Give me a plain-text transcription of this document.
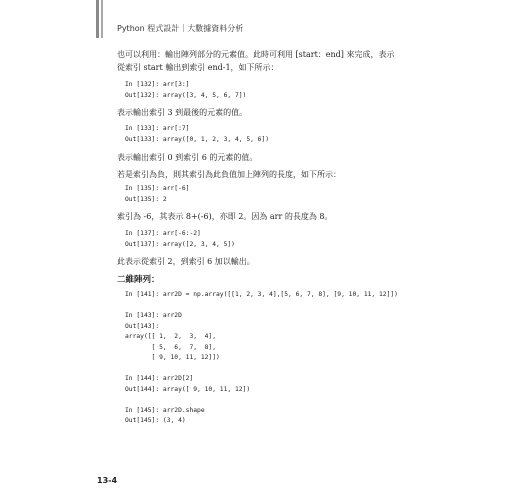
Python 程式設計｜大數據資料分析

也可以利用：輸出陣列部分的元素值。此時可利用 [start：end] 來完成，表示

從索引 start 輸出到索引 end-1，如下所示：

In [132]: arr[3:]
Out[132]: array([3, 4, 5, 6, 7])

表示輸出索引 3 到最後的元素的值。

In [133]: arr[:7]
Out[133]: array([0, 1, 2, 3, 4, 5, 6])

表示輸出索引 0 到索引 6 的元素的值。

若是索引為負，則其索引為此負值加上陣列的長度，如下所示：

In [135]: arr[-6]
Out[135]: 2

索引為 -6，其表示 8+(-6)，亦即 2。因為 arr 的長度為 8。

In [137]: arr[-6:-2]
Out[137]: array([2, 3, 4, 5])

此表示從索引 2，到索引 6 加以輸出。

二維陣列：
In [141]: arr2D = np.array([[1, 2, 3, 4],[5, 6, 7, 8], [9, 10, 11, 12]])

In [143]: arr2D
Out[143]:
array([[ 1,  2,  3,  4],
[ 5,  6,  7,  8],
[ 9, 10, 11, 12]])

In [144]: arr2D[2]
Out[144]: array([ 9, 10, 11, 12])

In [145]: arr2D.shape
Out[145]: (3, 4)
13-4
